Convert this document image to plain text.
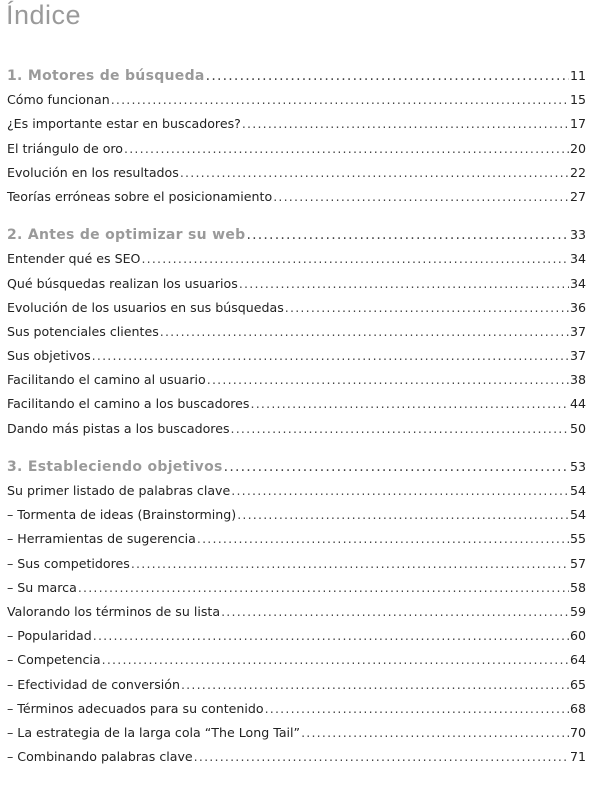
Índice
1. Motores de búsqueda .....	11
Cómo funcionan .....	15
¿Es importante estar en buscadores? .....	17
El triángulo de oro .....	20
Evolución en los resultados .....	22
Teorías erróneas sobre el posicionamiento .....	27
2. Antes de optimizar su web .....	33
Entender qué es SEO .....	34
Qué búsquedas realizan los usuarios .....	34
Evolución de los usuarios en sus búsquedas .....	36
Sus potenciales clientes .....	37
Sus objetivos .....	37
Facilitando el camino al usuario .....	38
Facilitando el camino a los buscadores .....	44
Dando más pistas a los buscadores .....	50
3. Estableciendo objetivos .....	53
Su primer listado de palabras clave .....	54
– Tormenta de ideas (Brainstorming) .....	54
– Herramientas de sugerencia .....	55
– Sus competidores .....	57
– Su marca .....	58
Valorando los términos de su lista .....	59
– Popularidad .....	60
– Competencia .....	64
– Efectividad de conversión .....	65
– Términos adecuados para su contenido .....	68
– La estrategia de la larga cola “The Long Tail” .....	70
– Combinando palabras clave .....	71
